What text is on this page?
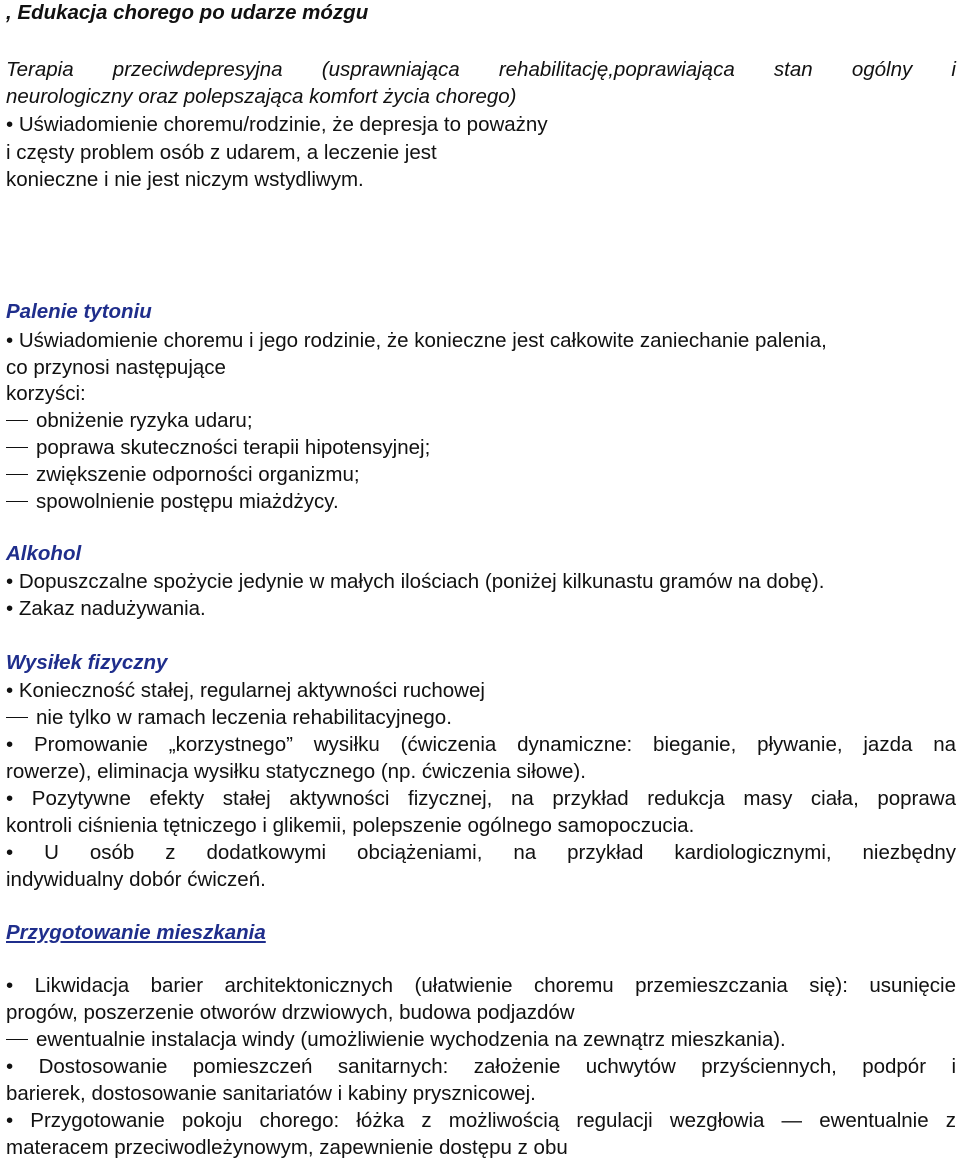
, Edukacja chorego po udarze mózgu
Terapia przeciwdepresyjna (usprawniająca rehabilitację,poprawiająca stan ogólny i
neurologiczny oraz polepszająca komfort życia chorego)
• Uświadomienie choremu/rodzinie, że depresja to poważny
i częsty problem osób z udarem, a leczenie jest
konieczne i nie jest niczym wstydliwym.
Palenie tytoniu
• Uświadomienie choremu i jego rodzinie, że konieczne jest całkowite zaniechanie palenia,
co przynosi następujące
korzyści:
obniżenie ryzyka udaru;
poprawa skuteczności terapii hipotensyjnej;
zwiększenie odporności organizmu;
spowolnienie postępu miażdżycy.
Alkohol
• Dopuszczalne spożycie jedynie w małych ilościach (poniżej kilkunastu gramów na dobę).
• Zakaz nadużywania.
Wysiłek fizyczny
• Konieczność stałej, regularnej aktywności ruchowej
nie tylko w ramach leczenia rehabilitacyjnego.
• Promowanie „korzystnego” wysiłku (ćwiczenia dynamiczne: bieganie, pływanie, jazda na
rowerze), eliminacja wysiłku statycznego (np. ćwiczenia siłowe).
• Pozytywne efekty stałej aktywności fizycznej, na przykład redukcja masy ciała, poprawa
kontroli ciśnienia tętniczego i glikemii, polepszenie ogólnego samopoczucia.
• U osób z dodatkowymi obciążeniami, na przykład kardiologicznymi, niezbędny
indywidualny dobór ćwiczeń.
Przygotowanie mieszkania
• Likwidacja barier architektonicznych (ułatwienie choremu przemieszczania się): usunięcie
progów, poszerzenie otworów drzwiowych, budowa podjazdów
ewentualnie instalacja windy (umożliwienie wychodzenia na zewnątrz mieszkania).
• Dostosowanie pomieszczeń sanitarnych: założenie uchwytów przyściennych, podpór i
barierek, dostosowanie sanitariatów i kabiny prysznicowej.
• Przygotowanie pokoju chorego: łóżka z możliwością regulacji wezgłowia — ewentualnie z
materacem przeciwodleżynowym, zapewnienie dostępu z obu
